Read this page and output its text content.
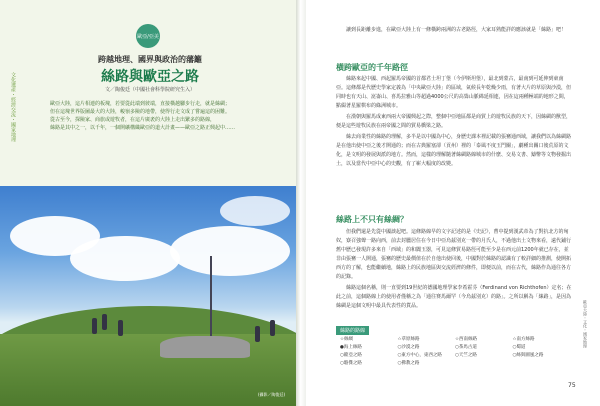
歐亞/亞美
文化遺產・經濟交流・國家地理
跨越地理、國界與政治的藩籬
絲路與歐亞之路
文／陶俊廷（中國社會科學院研究生入）

歐亞大陸，這片相連的板塊，若要從此端到彼端，直接橫越腳步行走，就是絲綢；

但在這塊世界版圖最大的大陸，峻嶺多險的地帶，使得行走文成了嘗遍這的困難。

從古至今，探險家、商旅或遊牧者，在這片廣袤的大陸上走出繁多的路線，

絲路是其中之一，以千年，一個開礦構織歐亞的道大計畫——歐亞之路正興起中……

(攝影／陶俊廷)

讓到長距離步進，在歐亞大陸上有一條橫跨兩洲的古老路徑，大家耳熟能詳的應該就是「絲路」吧！

橫跨歐亞的千年路徑

絲路來起中國、西起羅馬帝國的首都君士坦丁堡（今伊斯坦堡），最北到蒙古，最南到可延伸到東南亞。這條都是代歷史學家定義為「中央歐亞大陸」的區域，氣候長年乾燥少雨，有著大片的草原與沙漠，但同時也有天山、崑崙山、喜馬拉雅山等超過4000公尺的高聳山脈綿延相連，因在這兩種極端的地形之間，點綴著星羅棋布的綠洲城市。

在漢朝與羅馬成東西兩大帝國興起之際，整個中亞地區都是商貿上的遊牧民族的天下，因絲綢的獸型，便是這些遊牧民族在兩帝國之間的貿易橋梁之路。

絲去商業性的絲路的理解，多半是以中國為中心，身歷史課本裡記載的張騫通西域，讓我們以為絲綢路是在他出使中亞之後才開通的；而在古典羅塞卻（貢州）裡的「泰風不度玉門關」，劇種出關口後荒原的文化，是文明的發展與派的地方。然而，這樣的理解隨著絲綢路線城市的什麼、交易文書、鑄幣等文物發掘出土，以及當代中亞中心的史觀，有了嶄大幅度的改變。

絲路上不只有絲綢？

但我們還是先從中國談起吧。這條路線早的文字記述的是《史記》，曹中提到漢武帝為了對抗北方的匈奴，寮召強聲一路向西，前去封臘居住在今日中亞烏茲別克一帶的月氏人，不過他出土文物來看，遠代鋪行舊中歷已發現許多來自「西域」的和闐玉器，可見這條貿易路徑可能至少是在西元前1200年就已存在，並非由張騫一人開通，張騫的歷史最價值在於自他出使回後，中國對於絲路的認識有了較詳細的推測，使開拓西方的了解，也能繼續地，絲路上的民族地區與交流經濟的條件，即便以前，而在古代，絲路作為通往各方的記錄。

絲路這個名稱，則一直要到19世紀的德國地理學家李希霍芬（Ferdinand von Richthofen）定名；在此之前，這個路線上的使用者僅稱之為「通往赛馬爾罕（今烏茲別克）的路」。之所以稱為「絲路」，是因為絲綢是這個文明中最具代表性的貨品。

絲路的路線
☆絲綢	☆草原絲路	☆西南絲路	☆南方絲路
●海上絲路	○沙漠之路	○茶馬古道	○蜀道
○歐亞之路	○東方中心，東西之路	○天竺之路	○絲與圖風之路
○駱傑之路	○佛教之路
歐亞大陸・文化・國家地理
75
